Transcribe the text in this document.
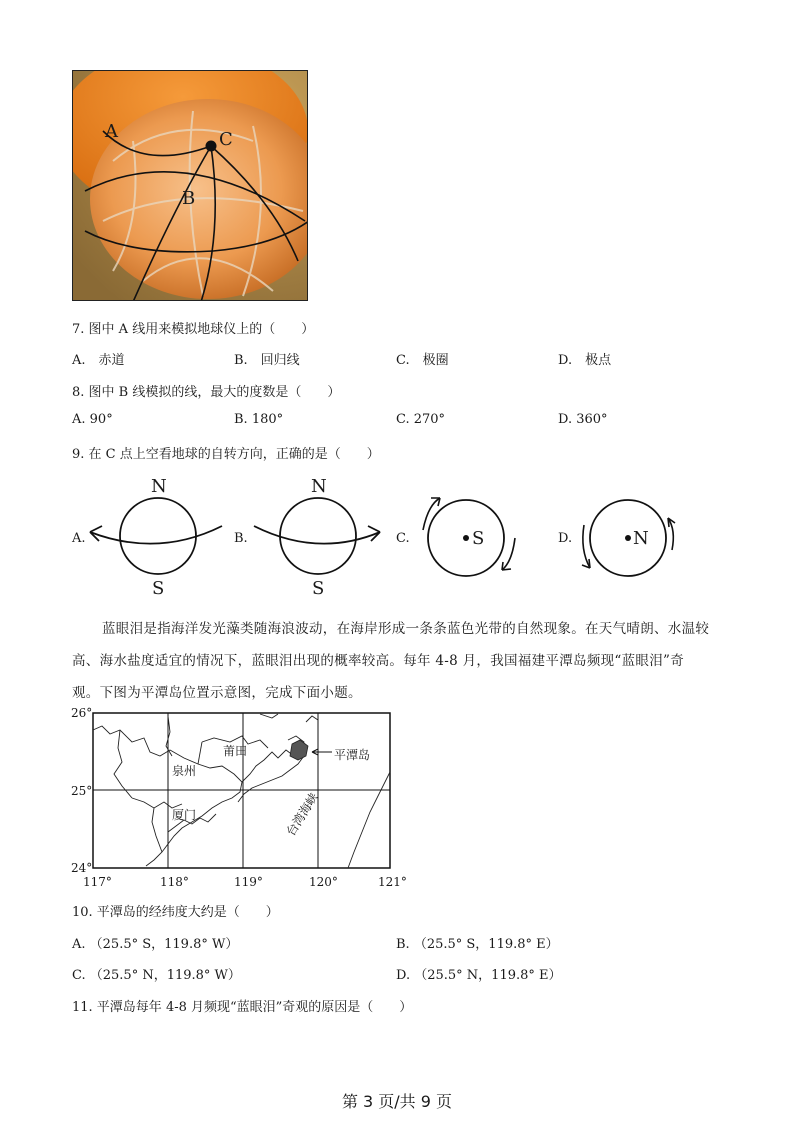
A
B
C
7. 图中 A 线用来模拟地球仪上的（　　）
A.　赤道	B.　回归线	C.　极圈	D.　极点
8. 图中 B 线模拟的线，最大的度数是（　　）
A. 90°	B. 180°	C. 270°	D. 360°
9. 在 C 点上空看地球的自转方向，正确的是（　　）
A.
N
S
B.
N
S
C.	S	D.	N
蓝眼泪是指海洋发光藻类随海浪波动，在海岸形成一条条蓝色光带的自然现象。在天气晴朗、水温较
高、海水盐度适宜的情况下，蓝眼泪出现的概率较高。每年 4-8 月，我国福建平潭岛频现“蓝眼泪”奇
观。下图为平潭岛位置示意图，完成下面小题。
莆田
泉州
厦门
平潭岛
台湾海峡
26°
25°
24°
117°	118°	119°	120°	121°
10. 平潭岛的经纬度大约是（　　）
A. （25.5° S，119.8° W）	B. （25.5° S，119.8° E）
C. （25.5° N，119.8° W）	D. （25.5° N，119.8° E）
11. 平潭岛每年 4-8 月频现“蓝眼泪”奇观的原因是（　　）
第 3 页/共 9 页
